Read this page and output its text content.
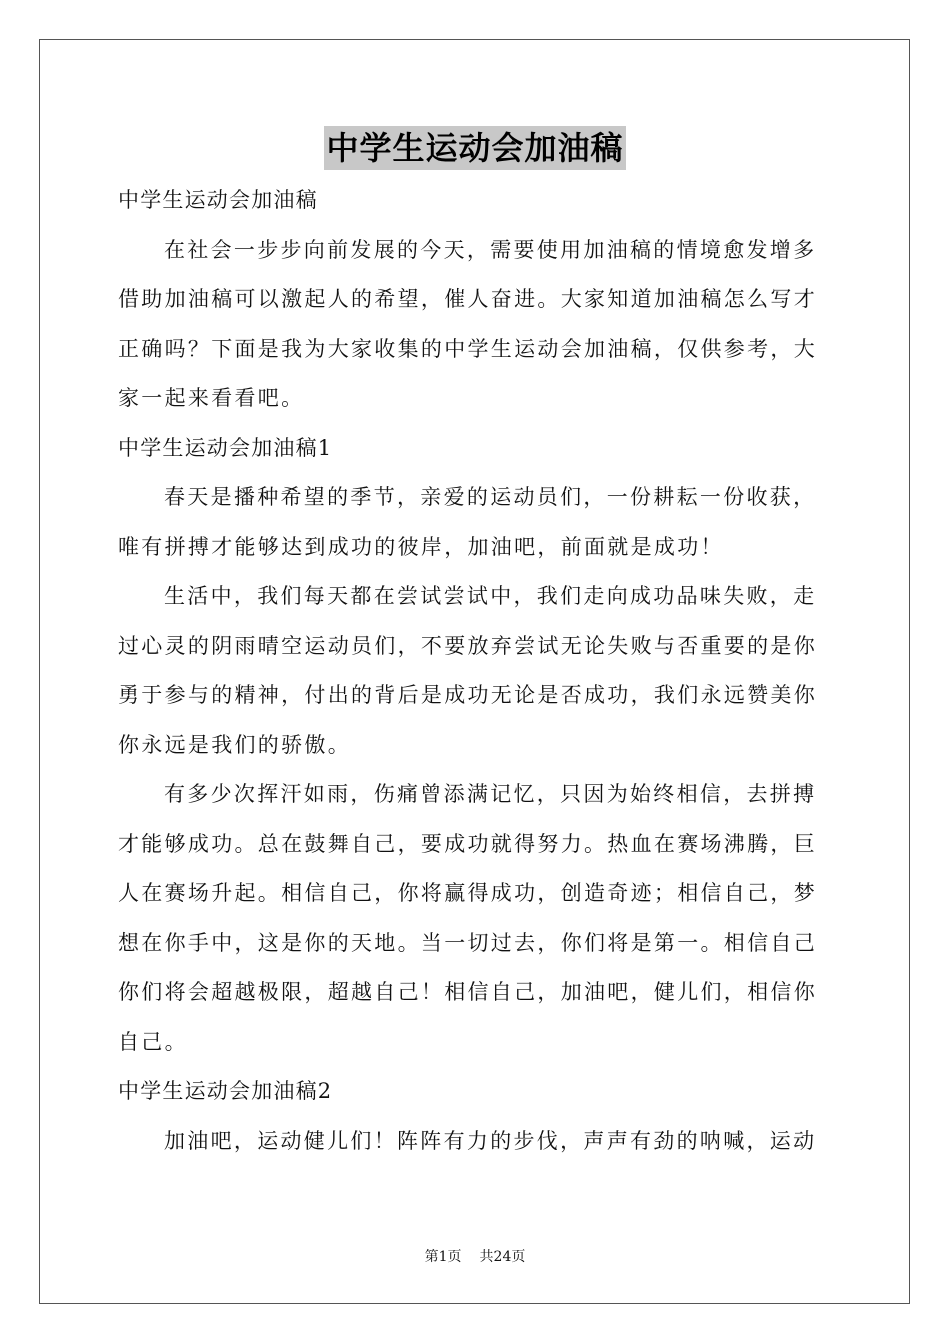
中学生运动会加油稿

中学生运动会加油稿

在社会一步步向前发展的今天，需要使用加油稿的情境愈发增多

借助加油稿可以激起人的希望，催人奋进。大家知道加油稿怎么写才

正确吗？下面是我为大家收集的中学生运动会加油稿，仅供参考，大

家一起来看看吧。

中学生运动会加油稿1

春天是播种希望的季节，亲爱的运动员们，一份耕耘一份收获，

唯有拼搏才能够达到成功的彼岸，加油吧，前面就是成功！

生活中，我们每天都在尝试尝试中，我们走向成功品味失败，走

过心灵的阴雨晴空运动员们，不要放弃尝试无论失败与否重要的是你

勇于参与的精神，付出的背后是成功无论是否成功，我们永远赞美你

你永远是我们的骄傲。

有多少次挥汗如雨，伤痛曾添满记忆，只因为始终相信，去拼搏

才能够成功。总在鼓舞自己，要成功就得努力。热血在赛场沸腾，巨

人在赛场升起。相信自己，你将赢得成功，创造奇迹；相信自己，梦

想在你手中，这是你的天地。当一切过去，你们将是第一。相信自己

你们将会超越极限，超越自己！相信自己，加油吧，健儿们，相信你

自己。

中学生运动会加油稿2

加油吧，运动健儿们！阵阵有力的步伐，声声有劲的呐喊，运动

第1页 共24页
